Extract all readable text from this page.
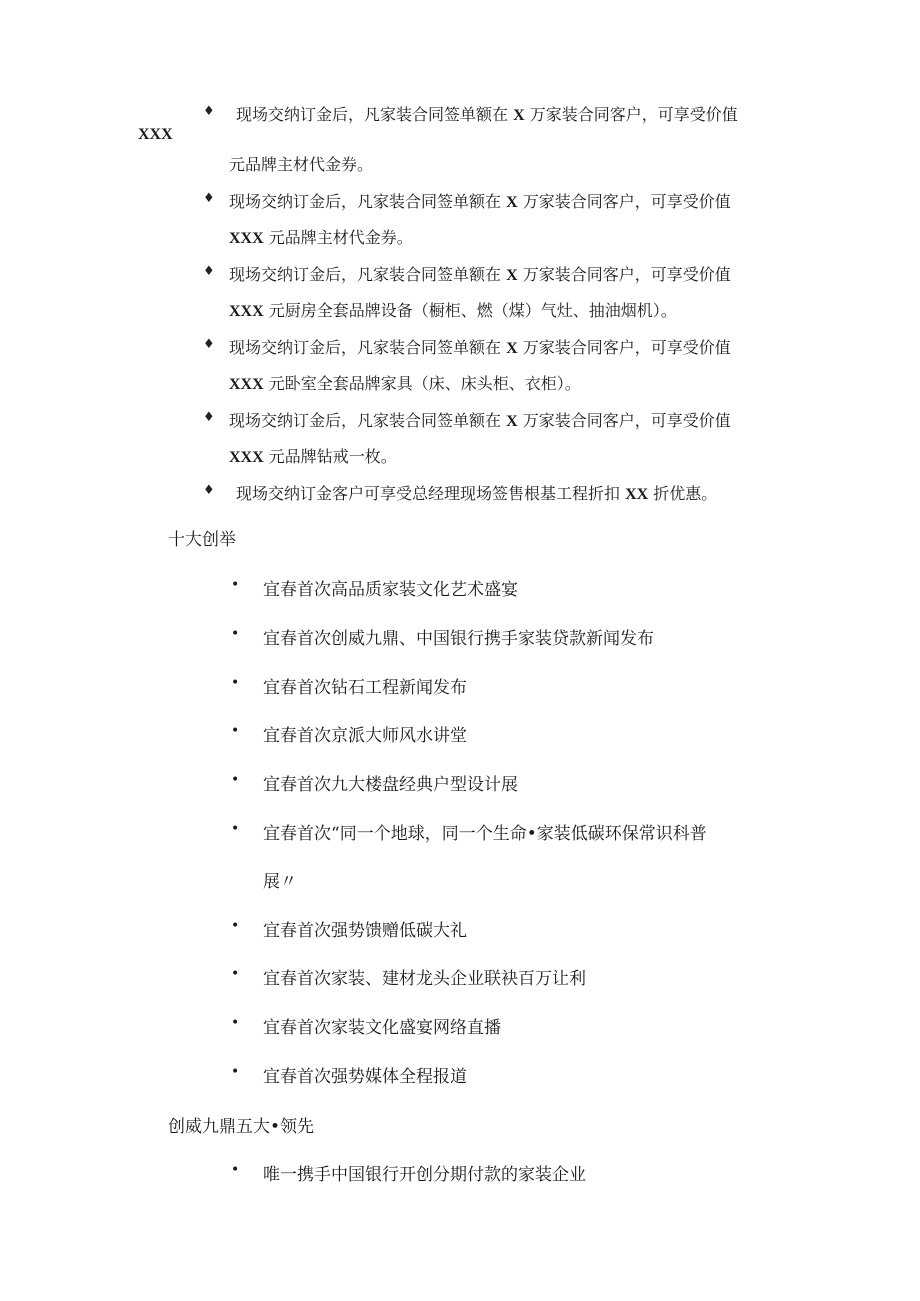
♦ 现场交纳订金后，凡家装合同签单额在 X 万家装合同客户，可享受价值
XXX
元品牌主材代金券。
♦ 现场交纳订金后，凡家装合同签单额在 X 万家装合同客户，可享受价值
XXX 元品牌主材代金券。
♦ 现场交纳订金后，凡家装合同签单额在 X 万家装合同客户，可享受价值
XXX 元厨房全套品牌设备（橱柜、燃（煤）气灶、抽油烟机）。
♦ 现场交纳订金后，凡家装合同签单额在 X 万家装合同客户，可享受价值
XXX 元卧室全套品牌家具（床、床头柜、衣柜）。
♦ 现场交纳订金后，凡家装合同签单额在 X 万家装合同客户，可享受价值
XXX 元品牌钻戒一枚。
♦ 现场交纳订金客户可享受总经理现场签售根基工程折扣 XX 折优惠。
十大创举
• 宜春首次高品质家装文化艺术盛宴
• 宜春首次创威九鼎、中国银行携手家装贷款新闻发布
• 宜春首次钻石工程新闻发布
• 宜春首次京派大师风水讲堂
• 宜春首次九大楼盘经典户型设计展
• 宜春首次“同一个地球，同一个生命•家装低碳环保常识科普
展〃
• 宜春首次强势馈赠低碳大礼
• 宜春首次家装、建材龙头企业联袂百万让利
• 宜春首次家装文化盛宴网络直播
• 宜春首次强势媒体全程报道
创威九鼎五大•领先
• 唯一携手中国银行开创分期付款的家装企业
